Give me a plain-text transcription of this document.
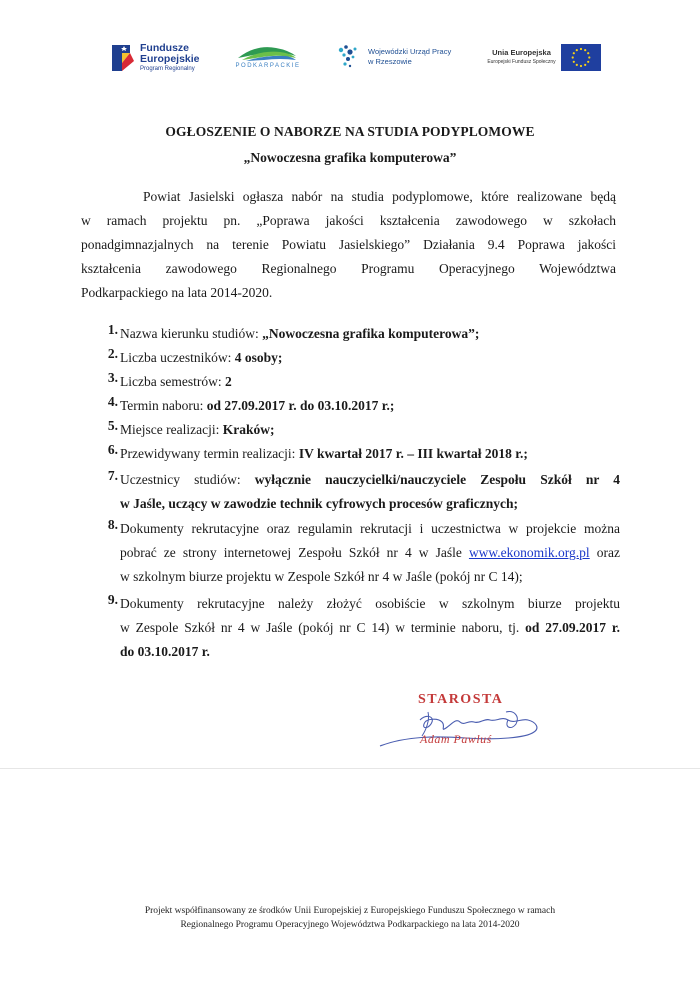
Fundusze
Europejskie
Program Regionalny	PODKARPACKIE
Wojewódzki Urząd Pracy
w Rzeszowie
Unia Europejska
Europejski Fundusz Społeczny
OGŁOSZENIE O NABORZE NA STUDIA PODYPLOMOWE
„Nowoczesna grafika komputerowa”
Powiat Jasielski ogłasza nabór na studia podyplomowe, które realizowane będą
w ramach projektu pn. „Poprawa jakości kształcenia zawodowego w szkołach
ponadgimnazjalnych na terenie Powiatu Jasielskiego” Działania 9.4 Poprawa jakości
kształcenia zawodowego Regionalnego Programu Operacyjnego Województwa
Podkarpackiego na lata 2014-2020.
1. Nazwa kierunku studiów: „Nowoczesna grafika komputerowa”;
2. Liczba uczestników: 4 osoby;
3. Liczba semestrów: 2
4. Termin naboru: od 27.09.2017 r. do 03.10.2017 r.;
5. Miejsce realizacji: Kraków;
6. Przewidywany termin realizacji: IV kwartał 2017 r. – III kwartał 2018 r.;
7. Uczestnicy studiów: wyłącznie nauczycielki/nauczyciele Zespołu Szkół nr 4
w Jaśle, uczący w zawodzie technik cyfrowych procesów graficznych;
8. Dokumenty rekrutacyjne oraz regulamin rekrutacji i uczestnictwa w projekcie można
pobrać ze strony internetowej Zespołu Szkół nr 4 w Jaśle www.ekonomik.org.pl oraz
w szkolnym biurze projektu w Zespole Szkół nr 4 w Jaśle (pokój nr C 14);
9. Dokumenty rekrutacyjne należy złożyć osobiście w szkolnym biurze projektu
w Zespole Szkół nr 4 w Jaśle (pokój nr C 14) w terminie naboru, tj. od 27.09.2017 r.
do 03.10.2017 r.
STAROSTA
Adam Pawluś
Projekt współfinansowany ze środków Unii Europejskiej z Europejskiego Funduszu Społecznego w ramach
Regionalnego Programu Operacyjnego Województwa Podkarpackiego na lata 2014-2020
